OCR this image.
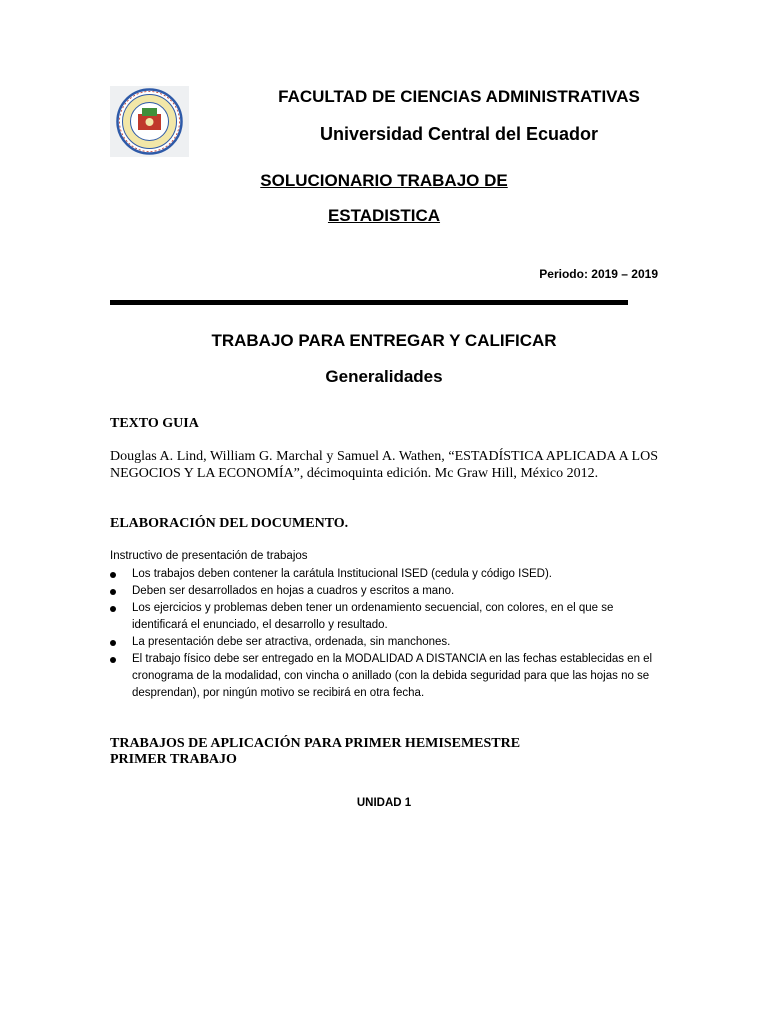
FACULTAD DE CIENCIAS ADMINISTRATIVAS
Universidad Central del Ecuador
SOLUCIONARIO TRABAJO DE
ESTADISTICA
Periodo: 2019 – 2019
TRABAJO PARA ENTREGAR Y CALIFICAR
Generalidades
TEXTO GUIA
Douglas A. Lind, William G. Marchal y Samuel A. Wathen, “ESTADÍSTICA APLICADA A LOS NEGOCIOS Y LA ECONOMÍA”, décimoquinta edición. Mc Graw Hill, México 2012.
ELABORACIÓN DEL DOCUMENTO.
Instructivo de presentación de trabajos
Los trabajos deben contener la carátula Institucional ISED (cedula y código ISED).
Deben ser desarrollados en hojas a cuadros y escritos a mano.
Los ejercicios y problemas deben tener un ordenamiento secuencial, con colores, en el que se identificará el enunciado, el desarrollo y resultado.
La presentación debe ser atractiva, ordenada, sin manchones.
El trabajo físico debe ser entregado en la MODALIDAD A DISTANCIA en las fechas establecidas en el cronograma de la modalidad, con vincha o anillado (con la debida seguridad para que las hojas no se desprendan), por ningún motivo se recibirá en otra fecha.
TRABAJOS DE APLICACIÓN PARA PRIMER HEMISEMESTRE
PRIMER TRABAJO
UNIDAD 1
